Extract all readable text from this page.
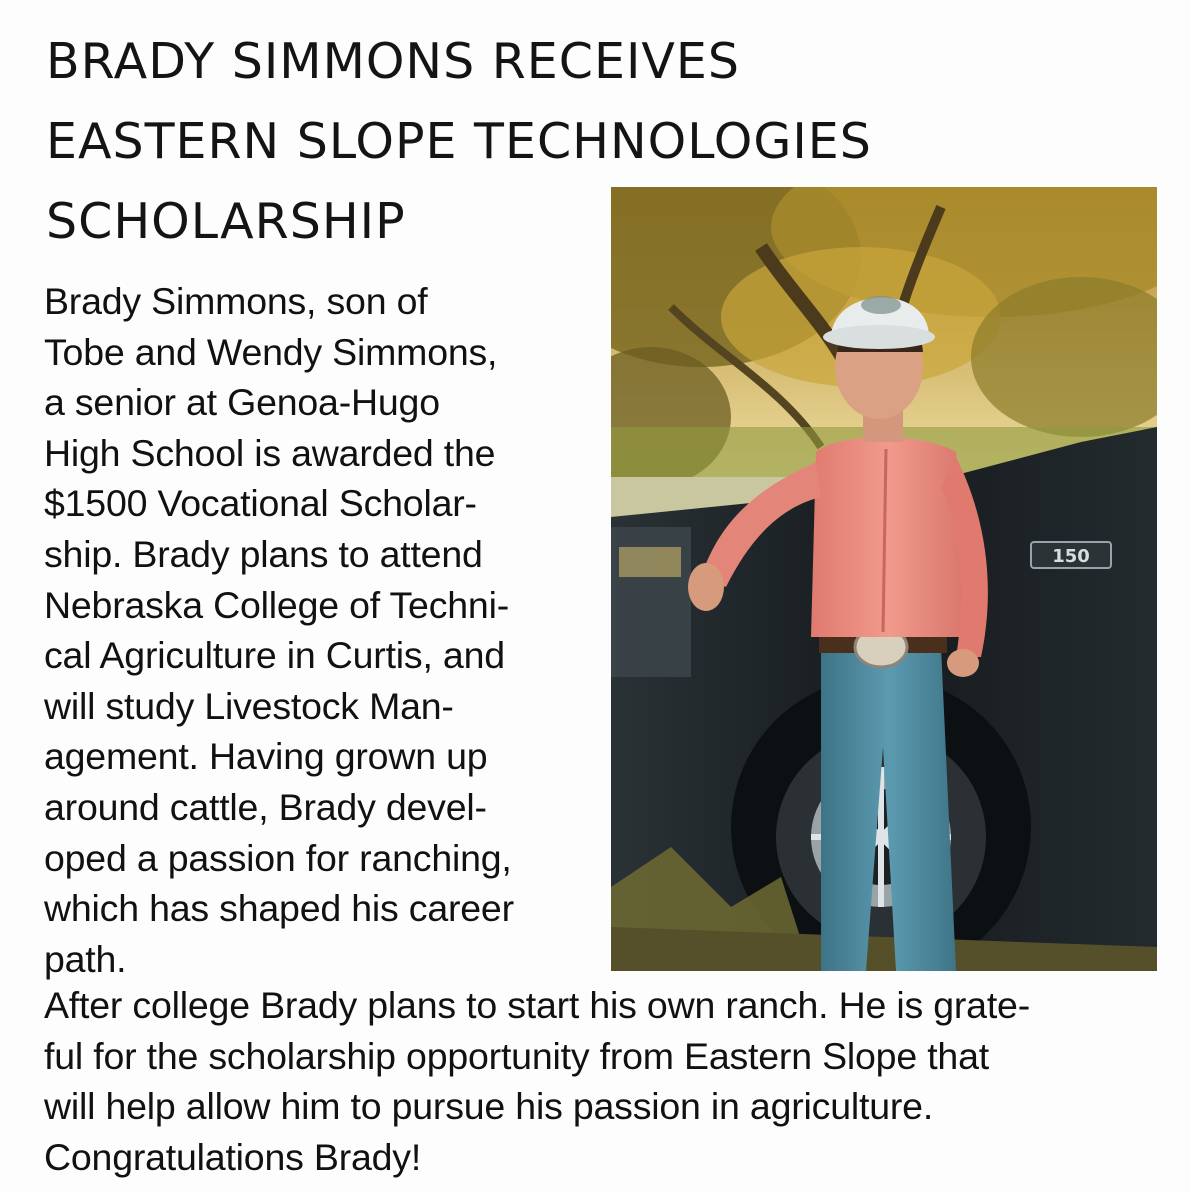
BRADY SIMMONS RECEIVES
EASTERN SLOPE TECHNOLOGIES
SCHOLARSHIP
Brady Simmons, son of
Tobe and Wendy Simmons,
a senior at Genoa-Hugo
High School is awarded the
$1500 Vocational Scholar-
ship. Brady plans to attend
Nebraska College of Techni-
cal Agriculture in Curtis, and
will study Livestock Man-
agement. Having grown up
around cattle, Brady devel-
oped a passion for ranching,
which has shaped his career
path.
150
After college Brady plans to start his own ranch. He is grate-
ful for the scholarship opportunity from Eastern Slope that
will help allow him to pursue his passion in agriculture.
Congratulations Brady!
